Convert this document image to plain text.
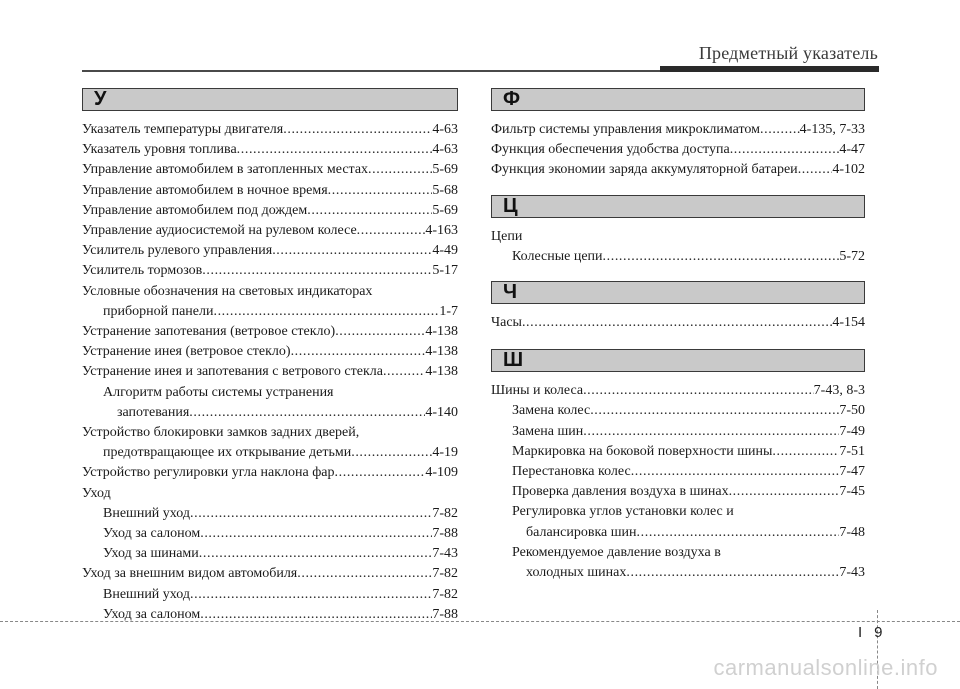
Предметный указатель
У
Указатель температуры двигателя .....	4-63
Указатель уровня топлива .....	4-63
Управление автомобилем в затопленных местах .....	5-69
Управление автомобилем в ночное время .....	5-68
Управление автомобилем под дождем .....	5-69
Управление аудиосистемой на рулевом колесе .....	4-163
Усилитель рулевого управления .....	4-49
Усилитель тормозов .....	5-17
Условные обозначения на световых индикаторах
приборной панели .....	1-7
Устранение запотевания (ветровое стекло) .....	4-138
Устранение инея (ветровое стекло) .....	4-138
Устранение инея и запотевания с ветрового стекла .....	4-138
Алгоритм работы системы устранения
запотевания .....	4-140
Устройство блокировки замков задних дверей,
предотвращающее их открывание детьми .....	4-19
Устройство регулировки угла наклона фар .....	4-109
Уход
Внешний уход .....	7-82
Уход за салоном .....	7-88
Уход за шинами .....	7-43
Уход за внешним видом автомобиля .....	7-82
Внешний уход .....	7-82
Уход за салоном .....	7-88
Ф
Фильтр системы управления микроклиматом .....	4-135, 7-33
Функция обеспечения удобства доступа .....	4-47
Функция экономии заряда аккумуляторной батареи ..... 4-102
Ц
Цепи
Колесные цепи .....	5-72
Ч
Часы .....	4-154
Ш
Шины и колеса .....	7-43, 8-3
Замена колес .....	7-50
Замена шин .....	7-49
Маркировка на боковой поверхности шины .....	7-51
Перестановка колес .....	7-47
Проверка давления воздуха в шинах .....	7-45
Регулировка углов установки колес и
балансировка шин .....	7-48
Рекомендуемое давление воздуха в
холодных шинах .....	7-43
I 9
carmanualsonline.info
